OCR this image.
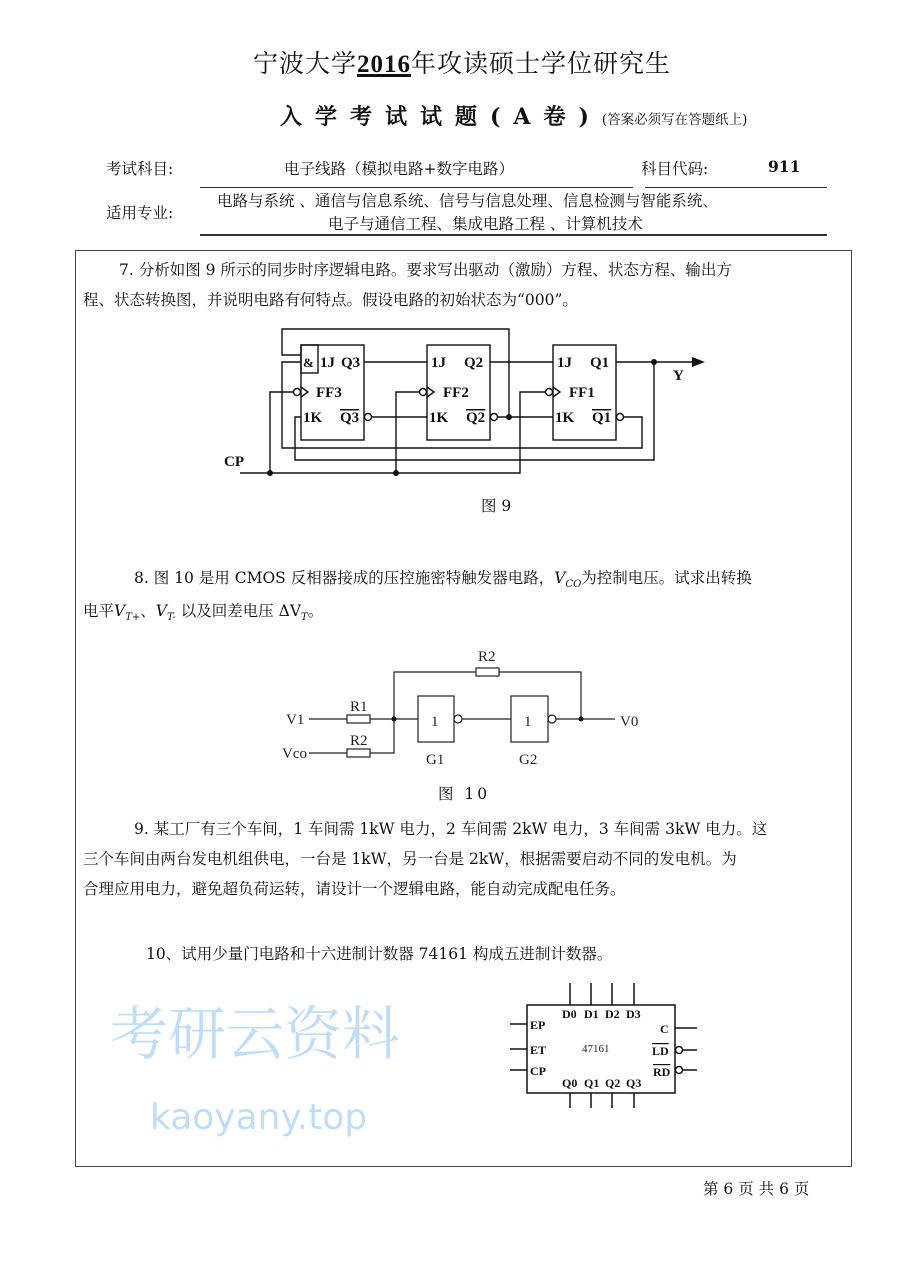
宁波大学2016年攻读硕士学位研究生
入学考试试题(A卷)(答案必须写在答题纸上)
考试科目:	电子线路（模拟电路+数字电路）	科目代码:	911
适用专业:
电路与系统 、通信与信息系统、信号与信息处理、信息检测与智能系统、
电子与通信工程、集成电路工程 、计算机技术
7. 分析如图 9 所示的同步时序逻辑电路。要求写出驱动（激励）方程、状态方程、输出方
程、状态转换图，并说明电路有何特点。假设电路的初始状态为“000”。
& 1J Q3
FF3
1K Q3
1J Q2
FF2
1K Q2
1J Q1
FF1
1K Q1
CP
Y
图 9
8. 图 10 是用 CMOS 反相器接成的压控施密特触发器电路，$V_{CO}$为控制电压。试求出转换
电平$V_{T+}$、$V_{T-}$ 以及回差电压 $\Delta V_T$。
R1
R2
R2
V1
Vco
V0
1	1
G1	G2
图 10
9. 某工厂有三个车间，1 车间需 1kW 电力，2 车间需 2kW 电力，3 车间需 3kW 电力。这
三个车间由两台发电机组供电，一台是 1kW，另一台是 2kW，根据需要启动不同的发电机。为
合理应用电力，避免超负荷运转，请设计一个逻辑电路，能自动完成配电任务。
10、试用少量门电路和十六进制计数器 74161 构成五进制计数器。
D0 D1 D2 D3
Q0 Q1 Q2 Q3
EP
ET
CP
C
LD
RD
47161
第 6 页 共 6 页
考研云资料
kaoyany.top
